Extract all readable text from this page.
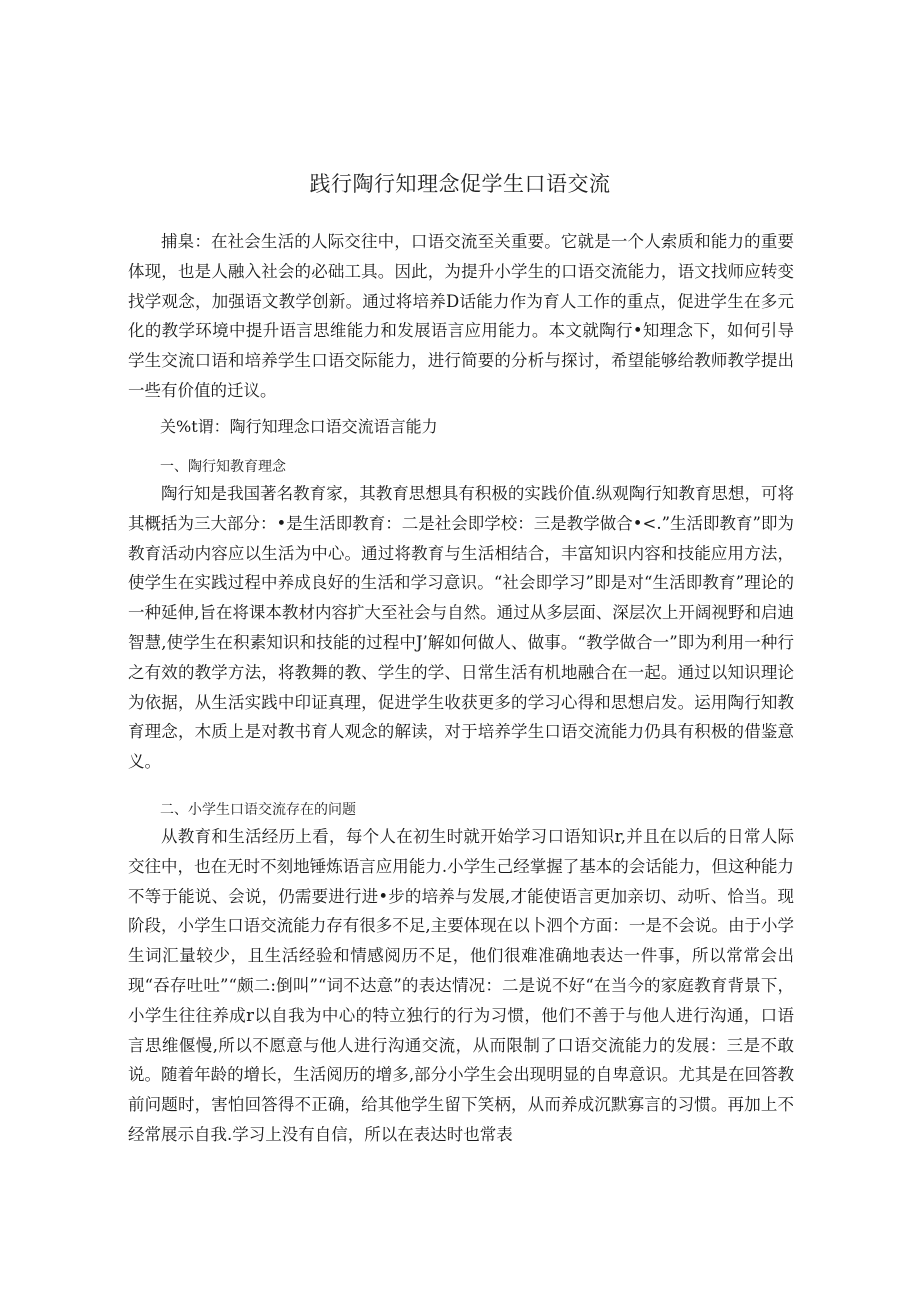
践行陶行知理念促学生口语交流
捕臬：在社会生活的人际交往中，口语交流至关重要。它就是一个人索质和能力的重要体现，也是人融入社会的必础工具。因此，为提升小学生的口语交流能力，语文找师应转变找学观念，加强语文教学创新。通过将培养D话能力作为育人工作的重点，促进学生在多元化的教学环境中提升语言思维能力和发展语言应用能力。本文就陶行•知理念下，如何引导学生交流口语和培养学生口语交际能力，进行简要的分析与探讨，希望能够给教师教学提出一些有价值的迁议。
关%t谓：陶行知理念口语交流语言能力
一、陶行知教育理念
陶行知是我国著名教育家，其教育思想具有积极的实践价值.纵观陶行知教育思想，可将其概括为三大部分：•是生活即教育：二是社会即学校：三是教学做合•<.”生活即教育”即为教育活动内容应以生活为中心。通过将教育与生活相结合，丰富知识内容和技能应用方法，使学生在实践过程中养成良好的生活和学习意识。“社会即学习”即是对“生活即教育”理论的一种延伸,旨在将课本教材内容扩大至社会与自然。通过从多层面、深层次上开阔视野和启迪智慧,使学生在积素知识和技能的过程中J’解如何做人、做事。“教学做合一”即为利用一种行之有效的教学方法，将教舞的教、学生的学、日常生活有机地融合在一起。通过以知识理论为依据，从生活实践中印证真理，促进学生收获更多的学习心得和思想启发。运用陶行知教育理念，木质上是对教书育人观念的解读，对于培养学生口语交流能力仍具有积极的借鉴意义。
二、小学生口语交流存在的问题
从教育和生活经历上看，每个人在初生时就开始学习口语知识r,并且在以后的日常人际交往中，也在无时不刻地锤炼语言应用能力.小学生己经掌握了基本的会话能力，但这种能力不等于能说、会说，仍需要进行进•步的培养与发展,才能使语言更加亲切、动听、恰当。现阶段，小学生口语交流能力存有很多不足,主要体现在以卜泗个方面：一是不会说。由于小学生词汇量较少，且生活经验和情感阅历不足，他们很难准确地表达一件事，所以常常会出现“吞存吐吐”“颇二:倒叫”“词不达意”的表达情况：二是说不好“在当今的家庭教育背景下，小学生往往养成r以自我为中心的特立独行的行为习惯，他们不善于与他人进行沟通，口语言思维偃慢,所以不愿意与他人进行沟通交流，从而限制了口语交流能力的发展：三是不敢说。随着年龄的增长，生活阅历的增多,部分小学生会出现明显的自卑意识。尤其是在回答教前问题时，害怕回答得不正确，给其他学生留下笑柄，从而养成沉默寡言的习惯。再加上不经常展示自我.学习上没有自信，所以在表达时也常表
